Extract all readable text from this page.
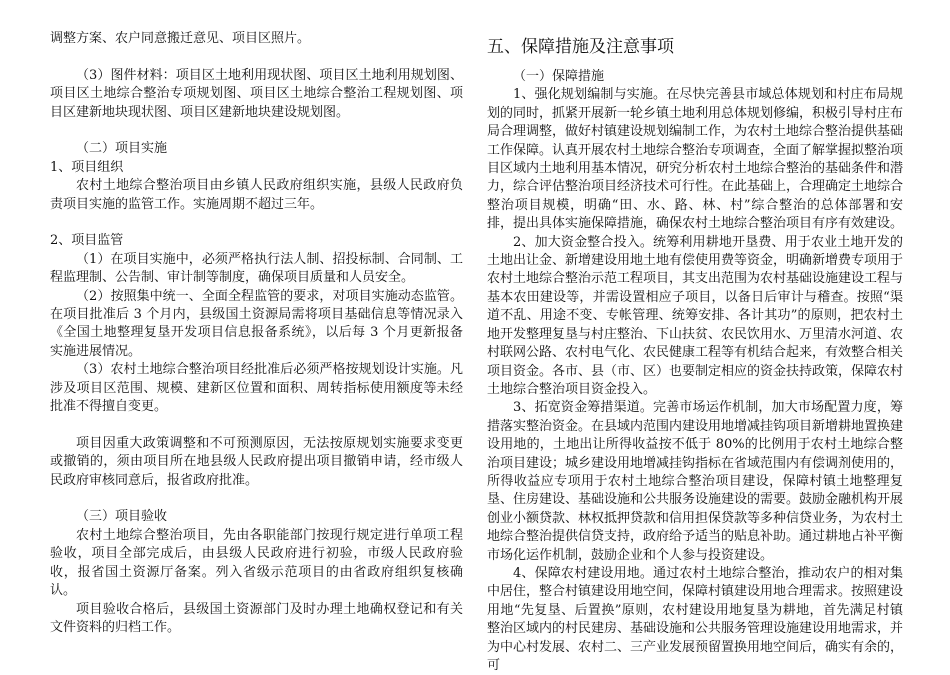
调整方案、农户同意搬迁意见、项目区照片。

（3）图件材料：项目区土地利用现状图、项目区土地利用规划图、项目区土地综合整治专项规划图、项目区土地综合整治工程规划图、项目区建新地块现状图、项目区建新地块建设规划图。

（二）项目实施

1、项目组织

农村土地综合整治项目由乡镇人民政府组织实施，县级人民政府负责项目实施的监管工作。实施周期不超过三年。

2、项目监管

（1）在项目实施中，必须严格执行法人制、招投标制、合同制、工程监理制、公告制、审计制等制度，确保项目质量和人员安全。

（2）按照集中统一、全面全程监管的要求，对项目实施动态监管。在项目批准后 3 个月内，县级国土资源局需将项目基础信息等情况录入《全国土地整理复垦开发项目信息报备系统》，以后每 3 个月更新报备实施进展情况。

（3）农村土地综合整治项目经批准后必须严格按规划设计实施。凡涉及项目区范围、规模、建新区位置和面积、周转指标使用额度等未经批准不得擅自变更。

项目因重大政策调整和不可预测原因，无法按原规划实施要求变更或撤销的，须由项目所在地县级人民政府提出项目撤销申请，经市级人民政府审核同意后，报省政府批准。

（三）项目验收

农村土地综合整治项目，先由各职能部门按现行规定进行单项工程验收，项目全部完成后，由县级人民政府进行初验，市级人民政府验收，报省国土资源厅备案。列入省级示范项目的由省政府组织复核确认。

项目验收合格后，县级国土资源部门及时办理土地确权登记和有关文件资料的归档工作。

五、保障措施及注意事项

（一）保障措施

1、强化规划编制与实施。在尽快完善县市域总体规划和村庄布局规划的同时，抓紧开展新一轮乡镇土地利用总体规划修编，积极引导村庄布局合理调整，做好村镇建设规划编制工作，为农村土地综合整治提供基础工作保障。认真开展农村土地综合整治专项调查，全面了解掌握拟整治项目区域内土地利用基本情况，研究分析农村土地综合整治的基础条件和潜力，综合评估整治项目经济技术可行性。在此基础上，合理确定土地综合整治项目规模，明确“田、水、路、林、村”综合整治的总体部署和安排，提出具体实施保障措施，确保农村土地综合整治项目有序有效建设。

2、加大资金整合投入。统筹利用耕地开垦费、用于农业土地开发的土地出让金、新增建设用地土地有偿使用费等资金，明确新增费专项用于农村土地综合整治示范工程项目，其支出范围为农村基础设施建设工程与基本农田建设等，并需设置相应子项目，以备日后审计与稽查。按照“渠道不乱、用途不变、专帐管理、统筹安排、各计其功”的原则，把农村土地开发整理复垦与村庄整治、下山扶贫、农民饮用水、万里清水河道、农村联网公路、农村电气化、农民健康工程等有机结合起来，有效整合相关项目资金。各市、县（市、区）也要制定相应的资金扶持政策，保障农村土地综合整治项目资金投入。

3、拓宽资金筹措渠道。完善市场运作机制，加大市场配置力度，筹措落实整治资金。在县域内范围内建设用地增减挂钩项目新增耕地置换建设用地的，土地出让所得收益按不低于 80%的比例用于农村土地综合整治项目建设；城乡建设用地增减挂钩指标在省域范围内有偿调剂使用的，所得收益应专项用于农村土地综合整治项目建设，保障村镇土地整理复垦、住房建设、基础设施和公共服务设施建设的需要。鼓励金融机构开展创业小额贷款、林权抵押贷款和信用担保贷款等多种信贷业务，为农村土地综合整治提供信贷支持，政府给予适当的贴息补助。通过耕地占补平衡市场化运作机制，鼓励企业和个人参与投资建设。

4、保障农村建设用地。通过农村土地综合整治，推动农户的相对集中居住，整合村镇建设用地空间，保障村镇建设用地合理需求。按照建设用地“先复垦、后置换”原则，农村建设用地复垦为耕地，首先满足村镇整治区域内的村民建房、基础设施和公共服务管理设施建设用地需求，并为中心村发展、农村二、三产业发展预留置换用地空间后，确实有余的，可
